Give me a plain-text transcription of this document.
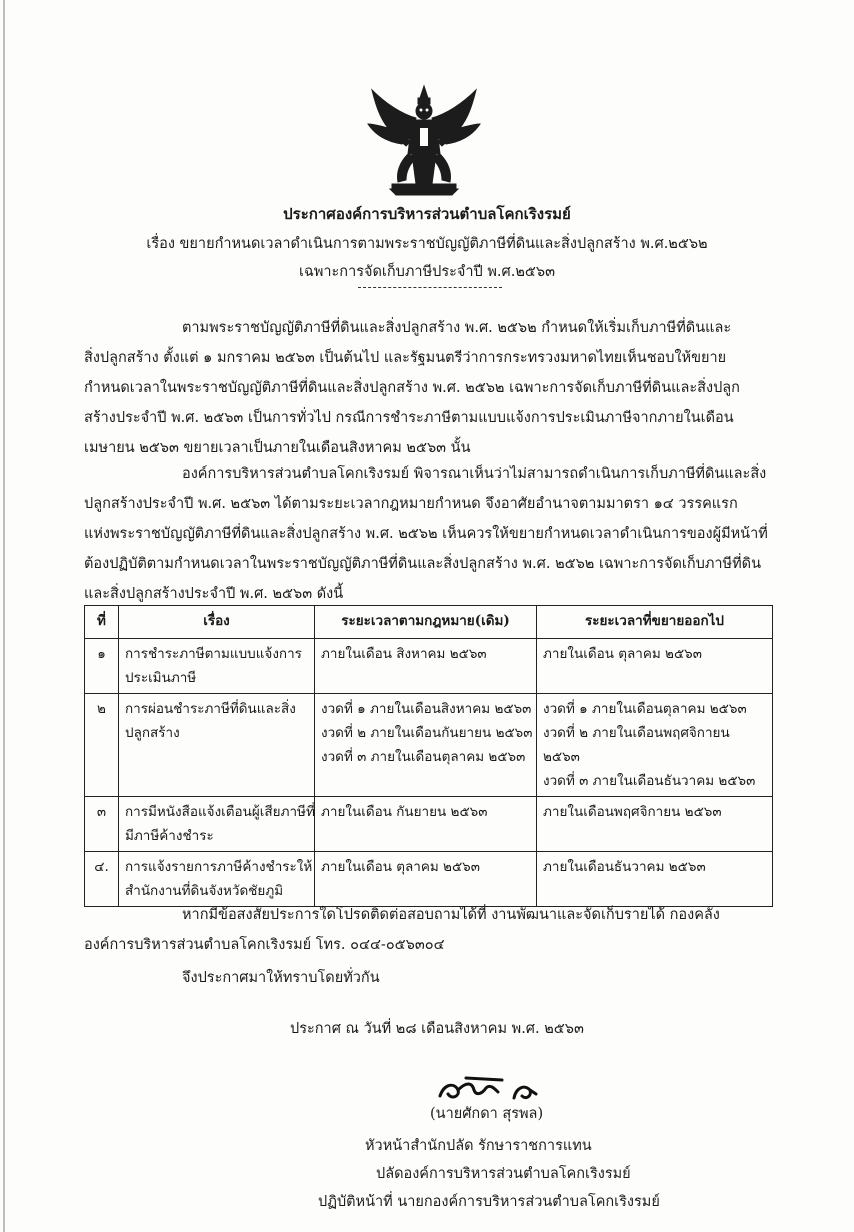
ประกาศองค์การบริหารส่วนตำบลโคกเริงรมย์
เรื่อง ขยายกำหนดเวลาดำเนินการตามพระราชบัญญัติภาษีที่ดินและสิ่งปลูกสร้าง พ.ศ.๒๕๖๒
เฉพาะการจัดเก็บภาษีประจำปี พ.ศ.๒๕๖๓
ตามพระราชบัญญัติภาษีที่ดินและสิ่งปลูกสร้าง พ.ศ. ๒๕๖๒ กำหนดให้เริ่มเก็บภาษีที่ดินและ
สิ่งปลูกสร้าง ตั้งแต่ ๑ มกราคม ๒๕๖๓ เป็นต้นไป และรัฐมนตรีว่าการกระทรวงมหาดไทยเห็นชอบให้ขยาย
กำหนดเวลาในพระราชบัญญัติภาษีที่ดินและสิ่งปลูกสร้าง พ.ศ. ๒๕๖๒ เฉพาะการจัดเก็บภาษีที่ดินและสิ่งปลูก
สร้างประจำปี พ.ศ. ๒๕๖๓ เป็นการทั่วไป กรณีการชำระภาษีตามแบบแจ้งการประเมินภาษีจากภายในเดือน
เมษายน ๒๕๖๓ ขยายเวลาเป็นภายในเดือนสิงหาคม ๒๕๖๓ นั้น
องค์การบริหารส่วนตำบลโคกเริงรมย์ พิจารณาเห็นว่าไม่สามารถดำเนินการเก็บภาษีที่ดินและสิ่ง
ปลูกสร้างประจำปี พ.ศ. ๒๕๖๓ ได้ตามระยะเวลากฎหมายกำหนด จึงอาศัยอำนาจตามมาตรา ๑๔ วรรคแรก
แห่งพระราชบัญญัติภาษีที่ดินและสิ่งปลูกสร้าง พ.ศ. ๒๕๖๒ เห็นควรให้ขยายกำหนดเวลาดำเนินการของผู้มีหน้าที่
ต้องปฏิบัติตามกำหนดเวลาในพระราชบัญญัติภาษีที่ดินและสิ่งปลูกสร้าง พ.ศ. ๒๕๖๒ เฉพาะการจัดเก็บภาษีที่ดิน
และสิ่งปลูกสร้างประจำปี พ.ศ. ๒๕๖๓ ดังนี้
ที่	เรื่อง	ระยะเวลาตามกฎหมาย(เดิม)	ระยะเวลาที่ขยายออกไป
๑	การชำระภาษีตามแบบแจ้งการ
ประเมินภาษี	ภายในเดือน สิงหาคม ๒๕๖๓	ภายในเดือน ตุลาคม ๒๕๖๓

๒	การผ่อนชำระภาษีที่ดินและสิ่ง
ปลูกสร้าง	งวดที่ ๑ ภายในเดือนสิงหาคม ๒๕๖๓
งวดที่ ๒ ภายในเดือนกันยายน ๒๕๖๓
งวดที่ ๓ ภายในเดือนตุลาคม ๒๕๖๓	งวดที่ ๑ ภายในเดือนตุลาคม ๒๕๖๓
งวดที่ ๒ ภายในเดือนพฤศจิกายน
๒๕๖๓
งวดที่ ๓ ภายในเดือนธันวาคม ๒๕๖๓

๓	การมีหนังสือแจ้งเตือนผู้เสียภาษีที่
มีภาษีค้างชำระ	ภายในเดือน กันยายน ๒๕๖๓	ภายในเดือนพฤศจิกายน ๒๕๖๓

๔.	การแจ้งรายการภาษีค้างชำระให้
สำนักงานที่ดินจังหวัดชัยภูมิ	ภายในเดือน ตุลาคม ๒๕๖๓	ภายในเดือนธันวาคม ๒๕๖๓
หากมีข้อสงสัยประการใดโปรดติดต่อสอบถามได้ที่ งานพัฒนาและจัดเก็บรายได้ กองคลัง
องค์การบริหารส่วนตำบลโคกเริงรมย์ โทร. ๐๔๔-๐๕๖๓๐๔
จึงประกาศมาให้ทราบโดยทั่วกัน
ประกาศ ณ วันที่ ๒๘ เดือนสิงหาคม พ.ศ. ๒๕๖๓
(นายศักดา สุรพล)
หัวหน้าสำนักปลัด รักษาราชการแทน
ปลัดองค์การบริหารส่วนตำบลโคกเริงรมย์
ปฏิบัติหน้าที่ นายกองค์การบริหารส่วนตำบลโคกเริงรมย์
